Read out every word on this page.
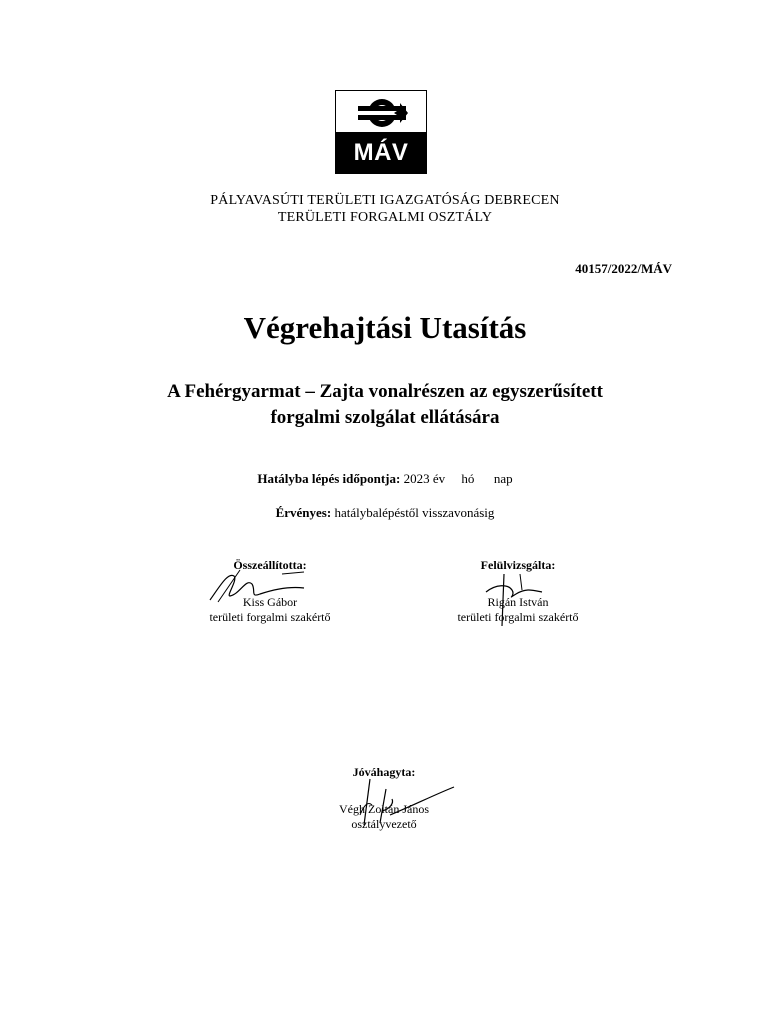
MÁV
PÁLYAVASÚTI TERÜLETI IGAZGATÓSÁG DEBRECEN
TERÜLETI FORGALMI OSZTÁLY
40157/2022/MÁV
Végrehajtási Utasítás
A Fehérgyarmat – Zajta vonalrészen az egyszerűsített
forgalmi szolgálat ellátására
Hatályba lépés időpontja: 2023 év hó nap
Érvényes: hatálybalépéstől visszavonásig
Összeállította:
Kiss Gábor
területi forgalmi szakértő
Felülvizsgálta:
Rigán István
területi forgalmi szakértő
Jóváhagyta:
Végh Zoltán János
osztályvezető
